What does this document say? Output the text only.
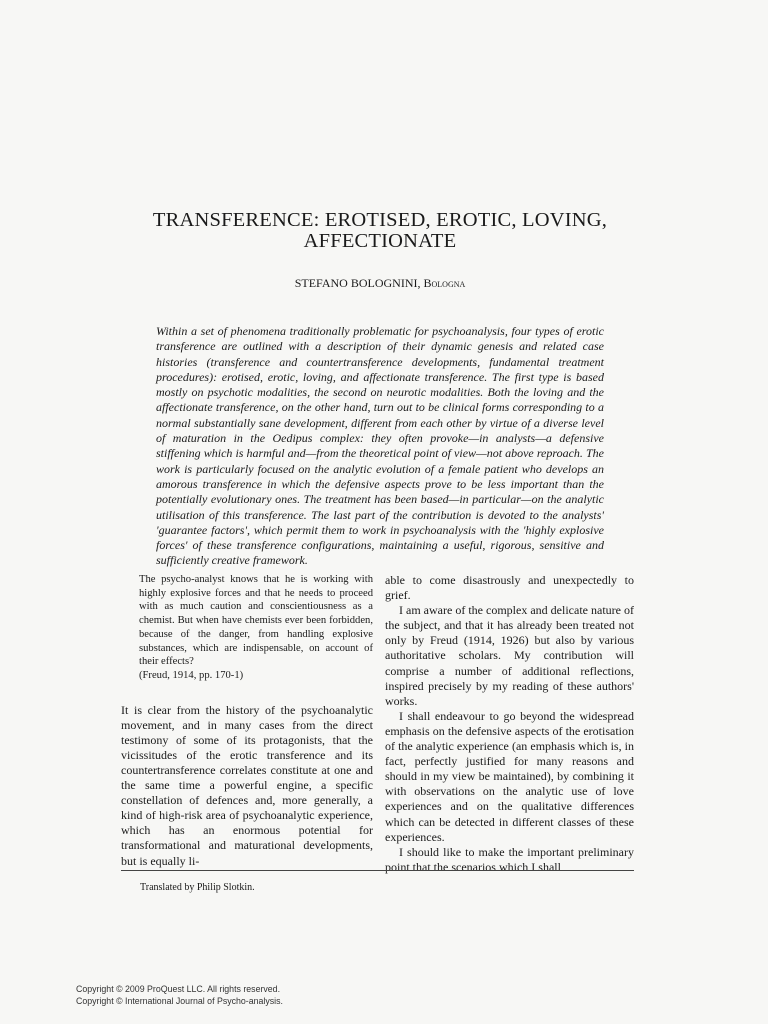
TRANSFERENCE: EROTISED, EROTIC, LOVING,
AFFECTIONATE
STEFANO BOLOGNINI, Bologna

Within a set of phenomena traditionally problematic for psychoanalysis, four types of erotic transference are outlined with a description of their dynamic genesis and related case histories (transference and countertransference developments, fundamental treatment procedures): erotised, erotic, loving, and affectionate transference. The first type is based mostly on psychotic modalities, the second on neurotic modalities. Both the loving and the affectionate transference, on the other hand, turn out to be clinical forms corresponding to a normal substantially sane development, different from each other by virtue of a diverse level of maturation in the Oedipus complex: they often provoke—in analysts—a defensive stiffening which is harmful and—from the theoretical point of view—not above reproach. The work is particularly focused on the analytic evolution of a female patient who develops an amorous transference in which the defensive aspects prove to be less important than the potentially evolutionary ones. The treatment has been based—in particular—on the analytic utilisation of this transference. The last part of the contribution is devoted to the analysts' 'guarantee factors', which permit them to work in psychoanalysis with the 'highly explosive forces' of these transference configurations, maintaining a useful, rigorous, sensitive and sufficiently creative framework.

The psycho-analyst knows that he is working with highly explosive forces and that he needs to proceed with as much caution and conscientiousness as a chemist. But when have chemists ever been forbidden, because of the danger, from handling explosive substances, which are indispensable, on account of their effects?

(Freud, 1914, pp. 170-1)

It is clear from the history of the psychoanalytic movement, and in many cases from the direct testimony of some of its protagonists, that the vicissitudes of the erotic transference and its countertransference correlates constitute at one and the same time a powerful engine, a specific constellation of defences and, more generally, a kind of high-risk area of psychoanalytic experience, which has an enormous potential for transformational and maturational developments, but is equally li-

able to come disastrously and unexpectedly to grief.

I am aware of the complex and delicate nature of the subject, and that it has already been treated not only by Freud (1914, 1926) but also by various authoritative scholars. My contribution will comprise a number of additional reflections, inspired precisely by my reading of these authors' works.

I shall endeavour to go beyond the widespread emphasis on the defensive aspects of the erotisation of the analytic experience (an emphasis which is, in fact, perfectly justified for many reasons and should in my view be maintained), by combining it with observations on the analytic use of love experiences and on the qualitative differences which can be detected in different classes of these experiences.

I should like to make the important preliminary point that the scenarios which I shall

Translated by Philip Slotkin.
Copyright © 2009 ProQuest LLC. All rights reserved.
Copyright © International Journal of Psycho-analysis.
